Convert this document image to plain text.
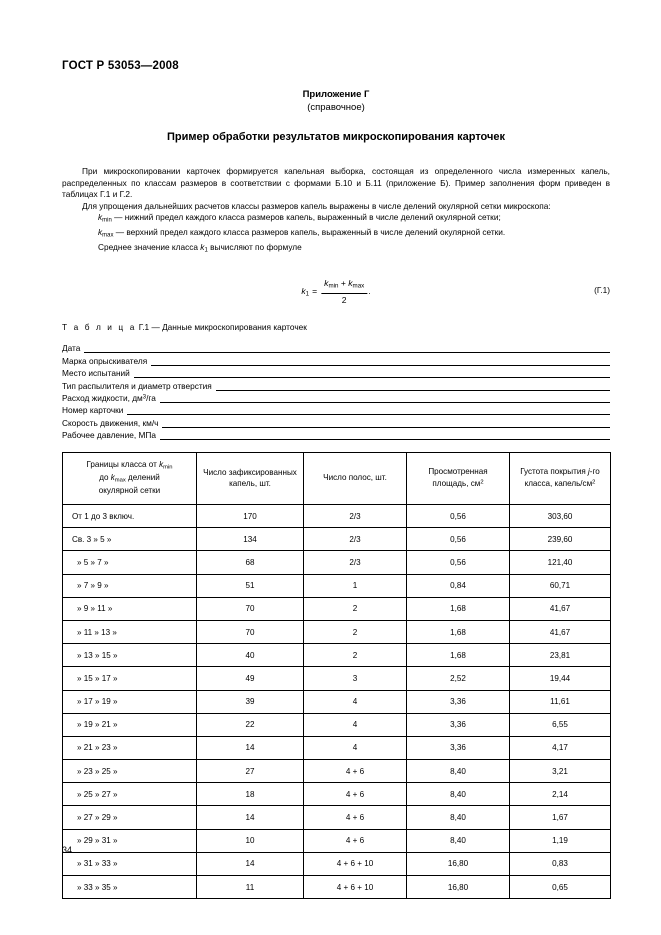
ГОСТ Р 53053—2008
Приложение Г
(справочное)
Пример обработки результатов микроскопирования карточек

При микроскопировании карточек формируется капельная выборка, состоящая из определенного числа измеренных капель, распределенных по классам размеров в соответствии с формами Б.10 и Б.11 (приложение Б). Пример заполнения форм приведен в таблицах Г.1 и Г.2.

Для упрощения дальнейших расчетов классы размеров капель выражены в числе делений окулярной сетки микроскопа:

$k_{min}$ — нижний предел каждого класса размеров капель, выраженный в числе делений окулярной сетки;
$k_{max}$ — верхний предел каждого класса размеров капель, выраженный в числе делений окулярной сетки.

Среднее значение класса $k_1$ вычисляют по формуле

$k_1 = \frac{k_{min} + k_{max}}{2}$ .	(Г.1)
Т а б л и ц а Г.1 — Данные микроскопирования карточек
Дата
Марка опрыскивателя
Место испытаний
Тип распылителя и диаметр отверстия
Расход жидкости, $дм^3/га$
Номер карточки
Скорость движения, км/ч
Рабочее давление, МПа
Границы класса от $k_{min}$
до $k_{max}$ делений
окулярной сетки	Число зафиксированных капель, шт.	Число полос, шт.	Просмотренная
площадь, $см^2$	Густота покрытия j-го
класса, капель/$см^2$
От 1 до 3 включ.	170	2/3	0,56	303,60
Св. 3 » 5 »	134	2/3	0,56	239,60
» 5 » 7 »	68	2/3	0,56	121,40
» 7 » 9 »	51	1	0,84	60,71
» 9 » 11 »	70	2	1,68	41,67
» 11 » 13 »	70	2	1,68	41,67
» 13 » 15 »	40	2	1,68	23,81
» 15 » 17 »	49	3	2,52	19,44
» 17 » 19 »	39	4	3,36	11,61
» 19 » 21 »	22	4	3,36	6,55
» 21 » 23 »	14	4	3,36	4,17
» 23 » 25 »	27	4 + 6	8,40	3,21
» 25 » 27 »	18	4 + 6	8,40	2,14
» 27 » 29 »	14	4 + 6	8,40	1,67
» 29 » 31 »	10	4 + 6	8,40	1,19
» 31 » 33 »	14	4 + 6 + 10	16,80	0,83
» 33 » 35 »	11	4 + 6 + 10	16,80	0,65
34
